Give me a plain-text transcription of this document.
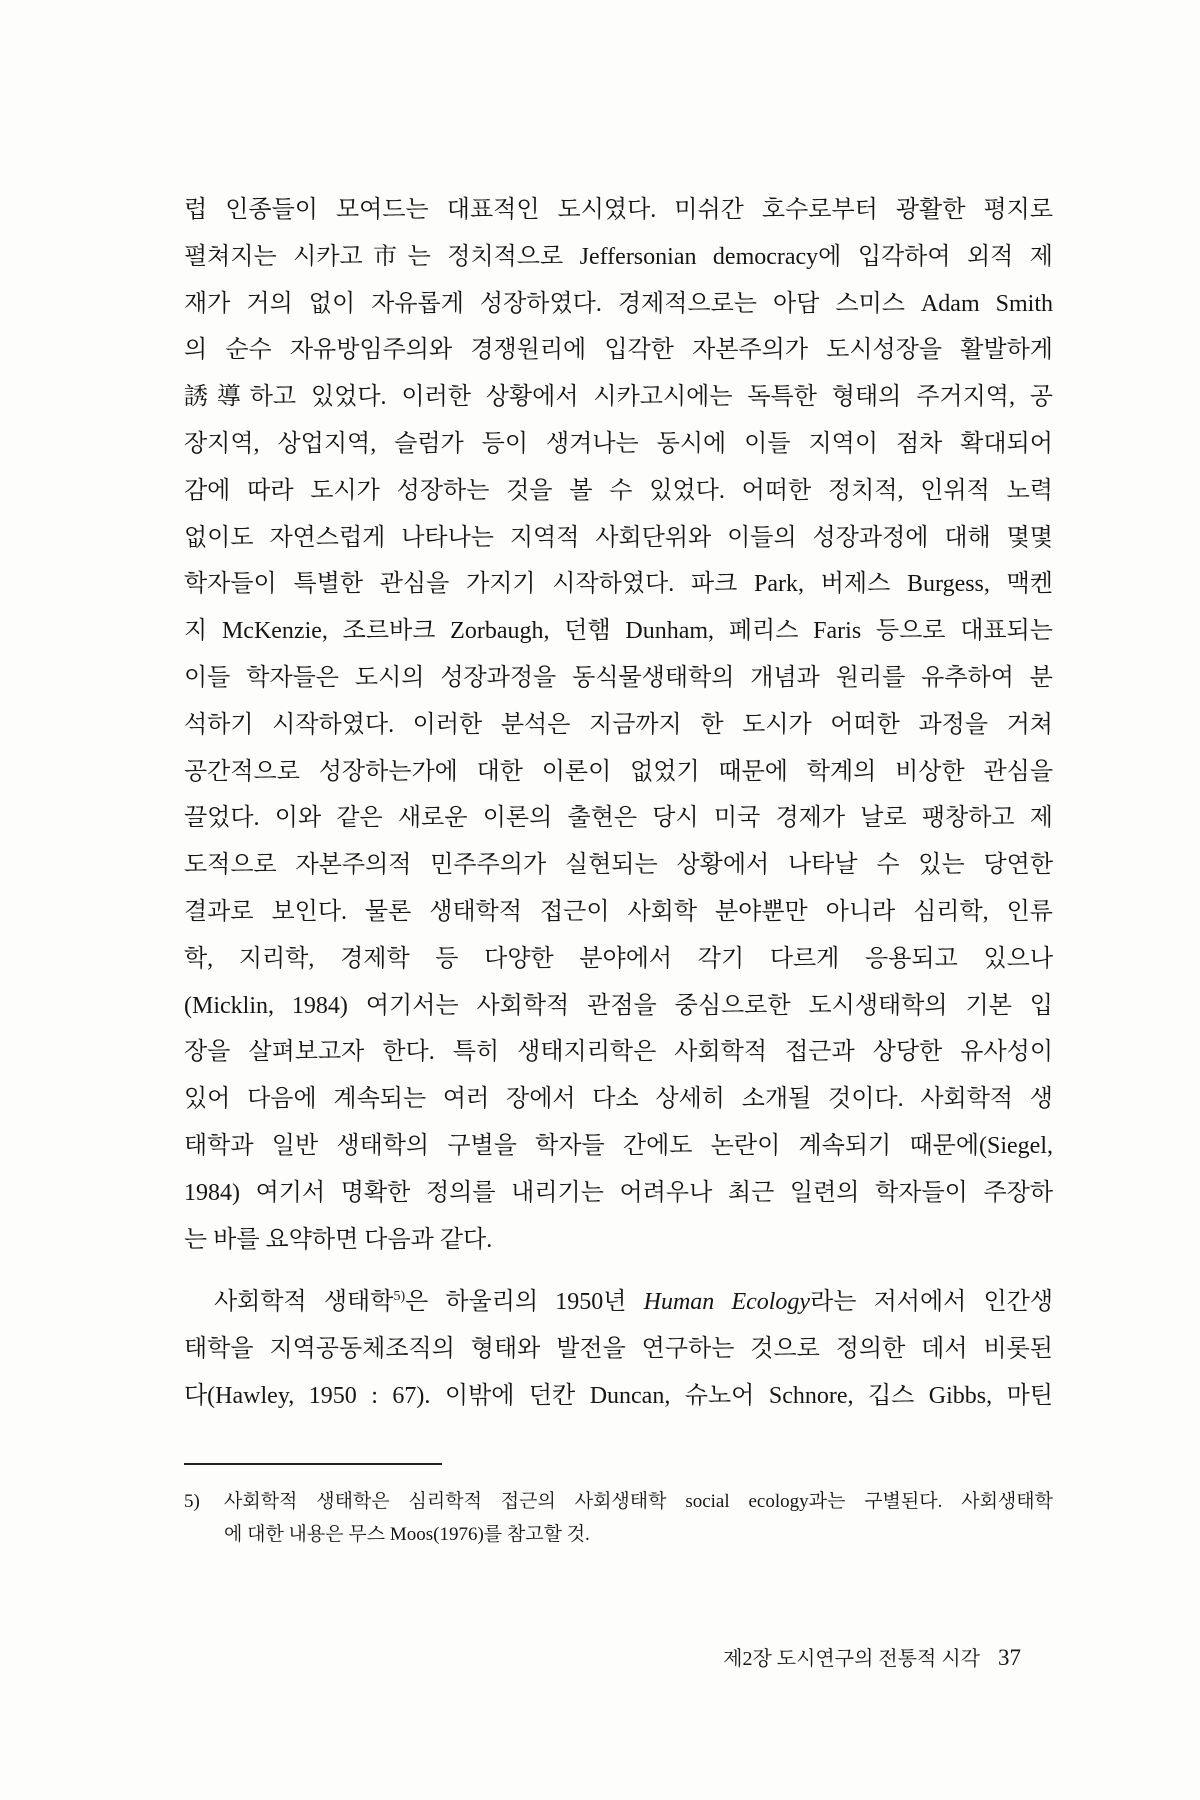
럽 인종들이 모여드는 대표적인 도시였다. 미쉬간 호수로부터 광활한 평지로
펼쳐지는 시카고市는 정치적으로 Jeffersonian democracy에 입각하여 외적 제
재가 거의 없이 자유롭게 성장하였다. 경제적으로는 아담 스미스 Adam Smith
의 순수 자유방임주의와 경쟁원리에 입각한 자본주의가 도시성장을 활발하게
誘導하고 있었다. 이러한 상황에서 시카고시에는 독특한 형태의 주거지역, 공
장지역, 상업지역, 슬럼가 등이 생겨나는 동시에 이들 지역이 점차 확대되어
감에 따라 도시가 성장하는 것을 볼 수 있었다. 어떠한 정치적, 인위적 노력
없이도 자연스럽게 나타나는 지역적 사회단위와 이들의 성장과정에 대해 몇몇
학자들이 특별한 관심을 가지기 시작하였다. 파크 Park, 버제스 Burgess, 맥켄
지 McKenzie, 조르바크 Zorbaugh, 던햄 Dunham, 페리스 Faris 등으로 대표되는
이들 학자들은 도시의 성장과정을 동식물생태학의 개념과 원리를 유추하여 분
석하기 시작하였다. 이러한 분석은 지금까지 한 도시가 어떠한 과정을 거쳐
공간적으로 성장하는가에 대한 이론이 없었기 때문에 학계의 비상한 관심을
끌었다. 이와 같은 새로운 이론의 출현은 당시 미국 경제가 날로 팽창하고 제
도적으로 자본주의적 민주주의가 실현되는 상황에서 나타날 수 있는 당연한
결과로 보인다. 물론 생태학적 접근이 사회학 분야뿐만 아니라 심리학, 인류
학, 지리학, 경제학 등 다양한 분야에서 각기 다르게 응용되고 있으나
(Micklin, 1984) 여기서는 사회학적 관점을 중심으로한 도시생태학의 기본 입
장을 살펴보고자 한다. 특히 생태지리학은 사회학적 접근과 상당한 유사성이
있어 다음에 계속되는 여러 장에서 다소 상세히 소개될 것이다. 사회학적 생
태학과 일반 생태학의 구별을 학자들 간에도 논란이 계속되기 때문에(Siegel,
1984) 여기서 명확한 정의를 내리기는 어려우나 최근 일련의 학자들이 주장하
는 바를 요약하면 다음과 같다.
사회학적 생태학$^{5)}$은 하울리의 1950년 Human Ecology라는 저서에서 인간생
태학을 지역공동체조직의 형태와 발전을 연구하는 것으로 정의한 데서 비롯된
다(Hawley, 1950 : 67). 이밖에 던칸 Duncan, 슈노어 Schnore, 깁스 Gibbs, 마틴
5)	사회학적 생태학은 심리학적 접근의 사회생태학 social ecology과는 구별된다. 사회생태학
에 대한 내용은 무스 Moos(1976)를 참고할 것.
제2장 도시연구의 전통적 시각 37
